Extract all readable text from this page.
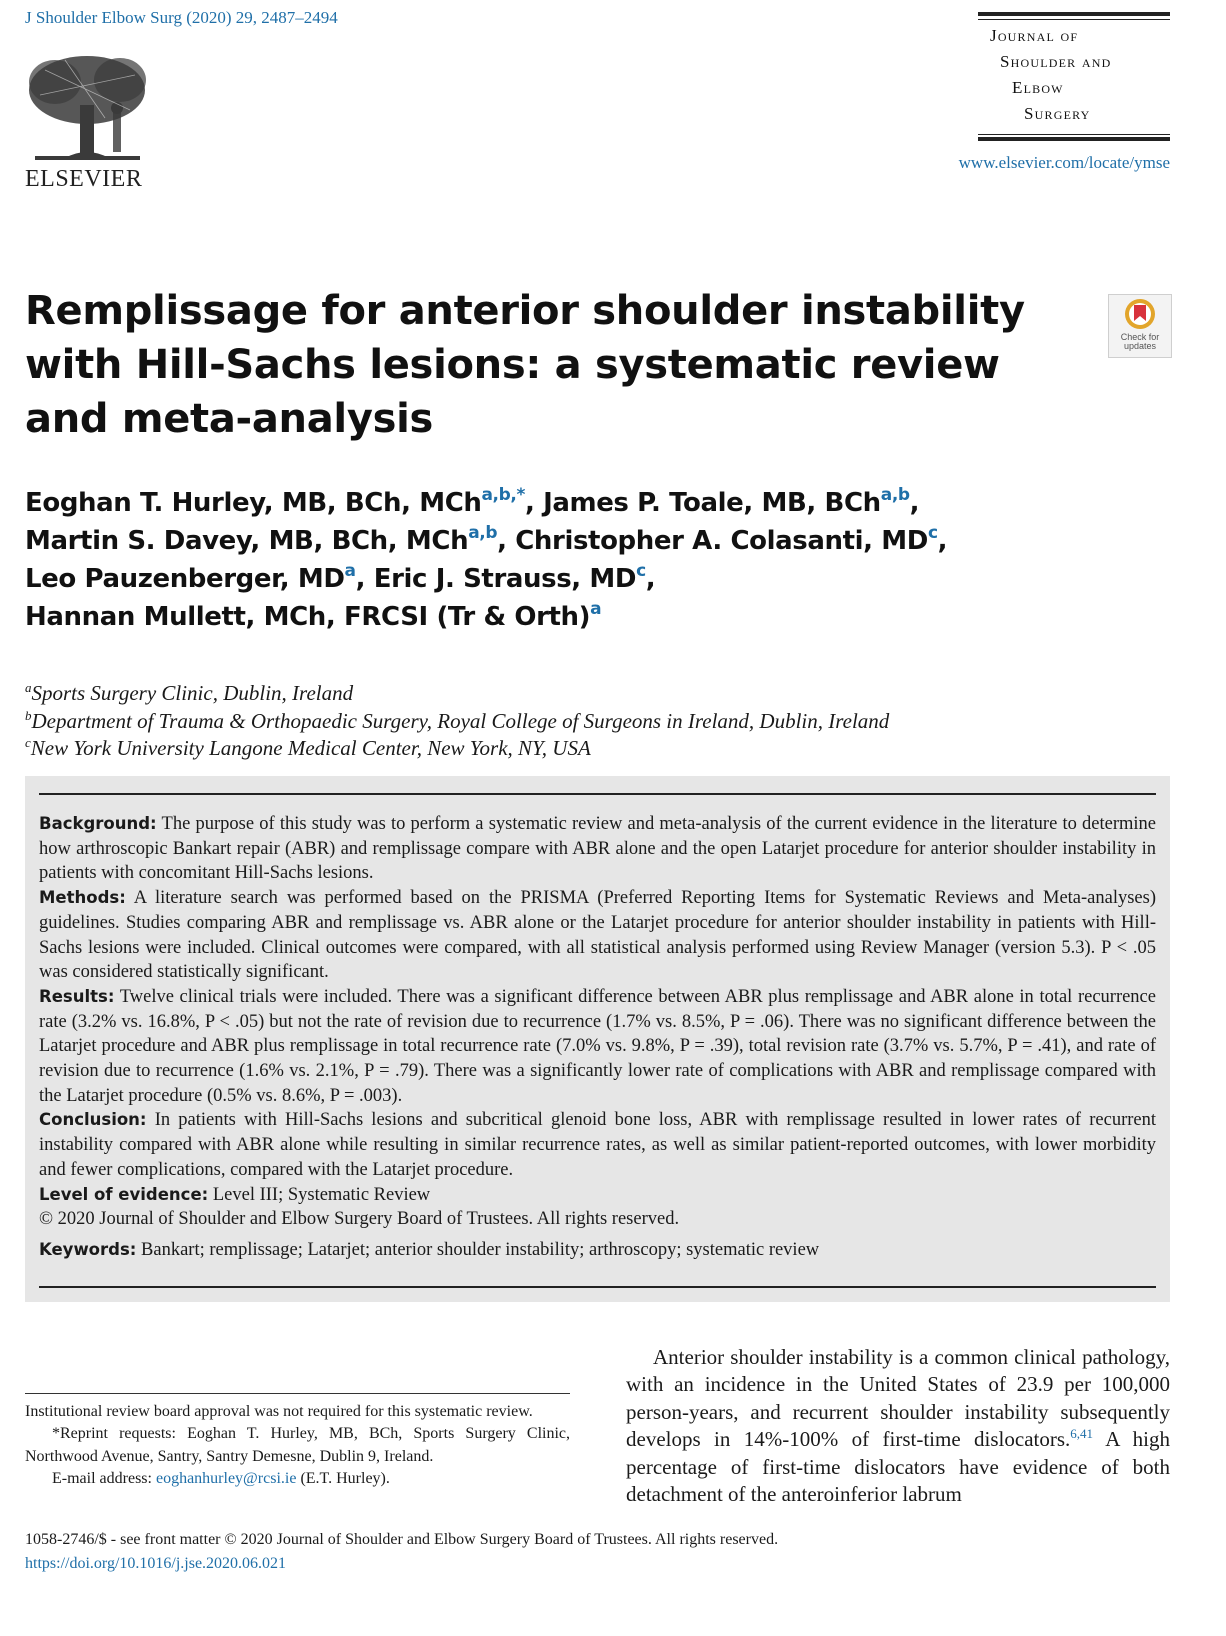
J Shoulder Elbow Surg (2020) 29, 2487–2494
ELSEVIER
Journal of
Shoulder and
Elbow
Surgery
www.elsevier.com/locate/ymse
Remplissage for anterior shoulder instability with Hill-Sachs lesions: a systematic review and meta-analysis
Check for updates
Eoghan T. Hurley, MB, BCh, MCh$^{a,b,*}$, James P. Toale, MB, BCh$^{a,b}$,
Martin S. Davey, MB, BCh, MCh$^{a,b}$, Christopher A. Colasanti, $MD^c$,
Leo Pauzenberger, $MD^a$, Eric J. Strauss, $MD^c$,
Hannan Mullett, MCh, FRCSI (Tr & Orth)$^a$
$^a$Sports Surgery Clinic, Dublin, Ireland
$^b$Department of Trauma & Orthopaedic Surgery, Royal College of Surgeons in Ireland, Dublin, Ireland
$^c$New York University Langone Medical Center, New York, NY, USA

Background: The purpose of this study was to perform a systematic review and meta-analysis of the current evidence in the literature to determine how arthroscopic Bankart repair (ABR) and remplissage compare with ABR alone and the open Latarjet procedure for anterior shoulder instability in patients with concomitant Hill-Sachs lesions.

Methods: A literature search was performed based on the PRISMA (Preferred Reporting Items for Systematic Reviews and Meta-analyses) guidelines. Studies comparing ABR and remplissage vs. ABR alone or the Latarjet procedure for anterior shoulder instability in patients with Hill-Sachs lesions were included. Clinical outcomes were compared, with all statistical analysis performed using Review Manager (version 5.3). P < .05 was considered statistically significant.

Results: Twelve clinical trials were included. There was a significant difference between ABR plus remplissage and ABR alone in total recurrence rate (3.2% vs. 16.8%, P < .05) but not the rate of revision due to recurrence (1.7% vs. 8.5%, P = .06). There was no significant difference between the Latarjet procedure and ABR plus remplissage in total recurrence rate (7.0% vs. 9.8%, P = .39), total revision rate (3.7% vs. 5.7%, P = .41), and rate of revision due to recurrence (1.6% vs. 2.1%, P = .79). There was a significantly lower rate of complications with ABR and remplissage compared with the Latarjet procedure (0.5% vs. 8.6%, P = .003).

Conclusion: In patients with Hill-Sachs lesions and subcritical glenoid bone loss, ABR with remplissage resulted in lower rates of recurrent instability compared with ABR alone while resulting in similar recurrence rates, as well as similar patient-reported outcomes, with lower morbidity and fewer complications, compared with the Latarjet procedure.

Level of evidence: Level III; Systematic Review

© 2020 Journal of Shoulder and Elbow Surgery Board of Trustees. All rights reserved.

Keywords: Bankart; remplissage; Latarjet; anterior shoulder instability; arthroscopy; systematic review

Institutional review board approval was not required for this systematic review.

*Reprint requests: Eoghan T. Hurley, MB, BCh, Sports Surgery Clinic, Northwood Avenue, Santry, Santry Demesne, Dublin 9, Ireland.

E-mail address: eoghanhurley@rcsi.ie (E.T. Hurley).

Anterior shoulder instability is a common clinical pathology, with an incidence in the United States of 23.9 per 100,000 person-years, and recurrent shoulder instability subsequently develops in 14%-100% of first-time dislocators.$^{6,41}$ A high percentage of first-time dislocators have evidence of both detachment of the anteroinferior labrum

1058-2746/$ - see front matter © 2020 Journal of Shoulder and Elbow Surgery Board of Trustees. All rights reserved.
https://doi.org/10.1016/j.jse.2020.06.021
